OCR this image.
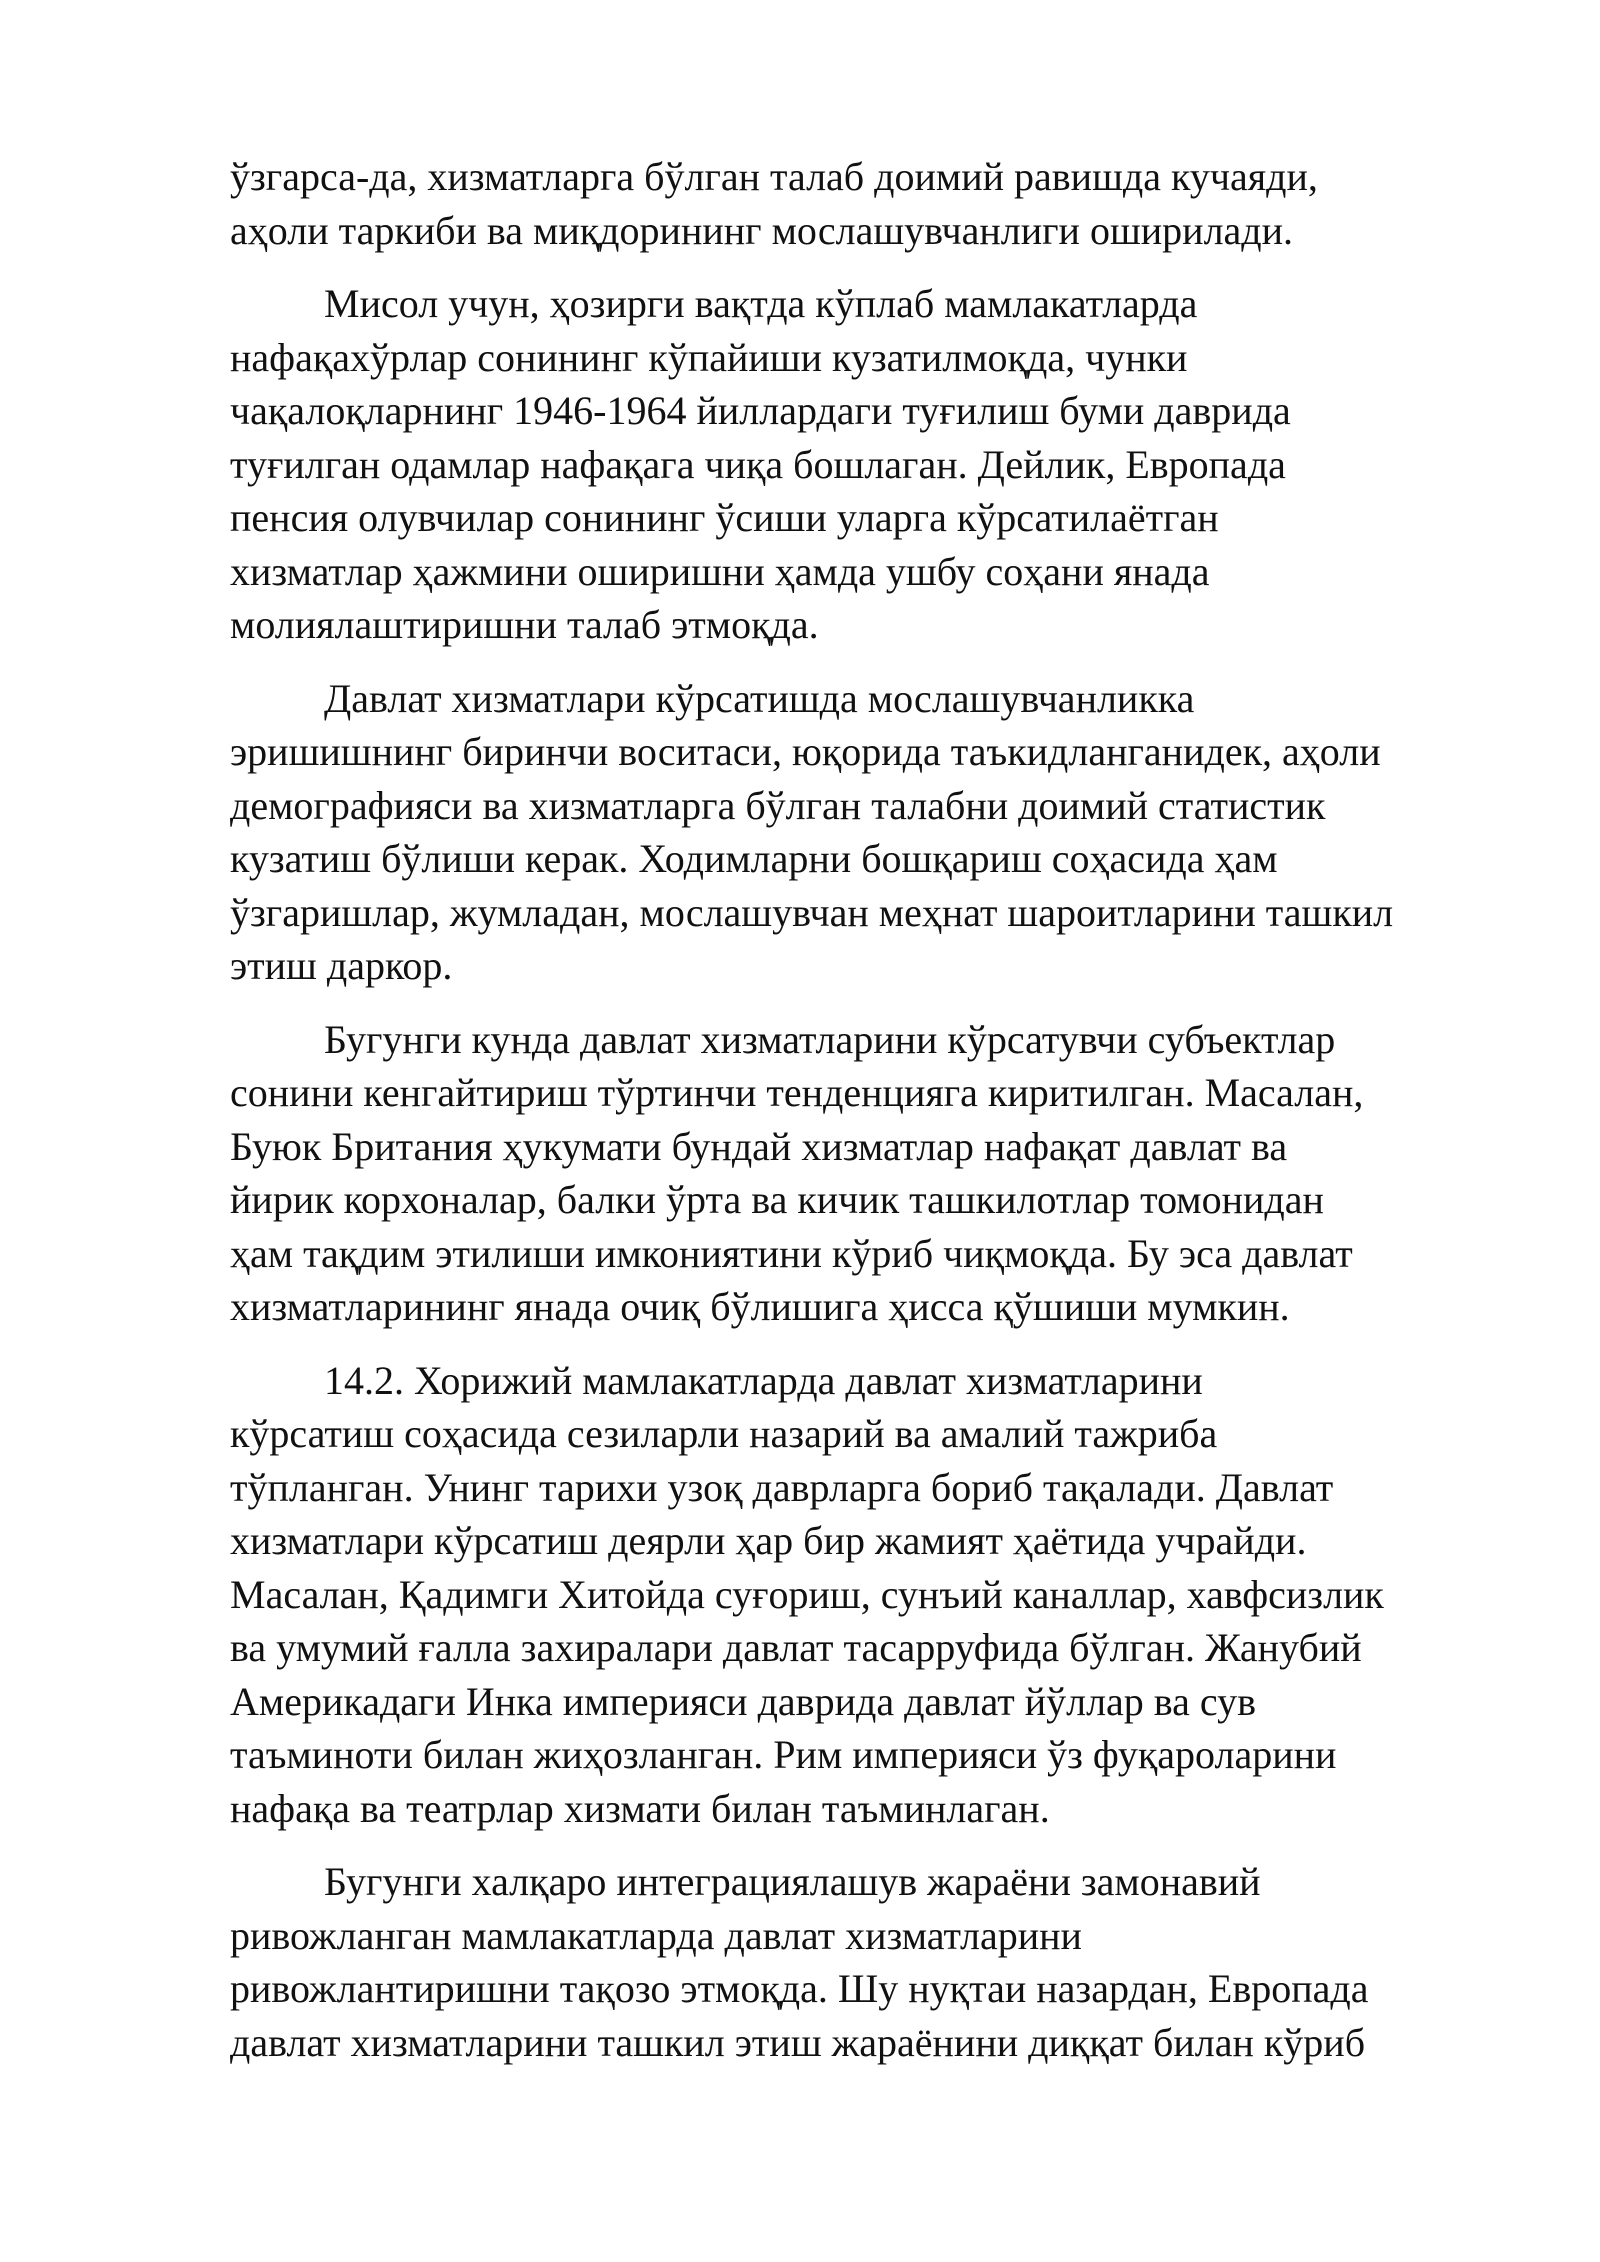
ўзгарса-да, хизматларга бўлган талаб доимий равишда кучаяди,
аҳоли таркиби ва миқдорининг мослашувчанлиги оширилади.
Мисол учун, ҳозирги вақтда кўплаб мамлакатларда
нафақахўрлар сонининг кўпайиши кузатилмоқда, чунки
чақалоқларнинг 1946-1964 йиллардаги туғилиш буми даврида
туғилган одамлар нафақага чиқа бошлаган. Дейлик, Европада
пенсия олувчилар сонининг ўсиши уларга кўрсатилаётган
хизматлар ҳажмини оширишни ҳамда ушбу соҳани янада
молиялаштиришни талаб этмоқда.
Давлат хизматлари кўрсатишда мослашувчанликка
эришишнинг биринчи воситаси, юқорида таъкидланганидек, аҳоли
демографияси ва хизматларга бўлган талабни доимий статистик
кузатиш бўлиши керак. Ходимларни бошқариш соҳасида ҳам
ўзгаришлар, жумладан, мослашувчан меҳнат шароитларини ташкил
этиш даркор.
Бугунги кунда давлат хизматларини кўрсатувчи субъектлар
сонини кенгайтириш тўртинчи тенденцияга киритилган. Масалан,
Буюк Британия ҳукумати бундай хизматлар нафақат давлат ва
йирик корхоналар, балки ўрта ва кичик ташкилотлар томонидан
ҳам тақдим этилиши имкониятини кўриб чиқмоқда. Бу эса давлат
хизматларининг янада очиқ бўлишига ҳисса қўшиши мумкин.
14.2. Хорижий мамлакатларда давлат хизматларини
кўрсатиш соҳасида сезиларли назарий ва амалий тажриба
тўпланган. Унинг тарихи узоқ даврларга бориб тақалади. Давлат
хизматлари кўрсатиш деярли ҳар бир жамият ҳаётида учрайди.
Масалан, Қадимги Хитойда суғориш, сунъий каналлар, хавфсизлик
ва умумий ғалла захиралари давлат тасарруфида бўлган. Жанубий
Америкадаги Инка империяси даврида давлат йўллар ва сув
таъминоти билан жиҳозланган. Рим империяси ўз фуқароларини
нафақа ва театрлар хизмати билан таъминлаган.
Бугунги халқаро интеграциялашув жараёни замонавий
ривожланган мамлакатларда давлат хизматларини
ривожлантиришни тақозо этмоқда. Шу нуқтаи назардан, Европада
давлат хизматларини ташкил этиш жараёнини диққат билан кўриб
